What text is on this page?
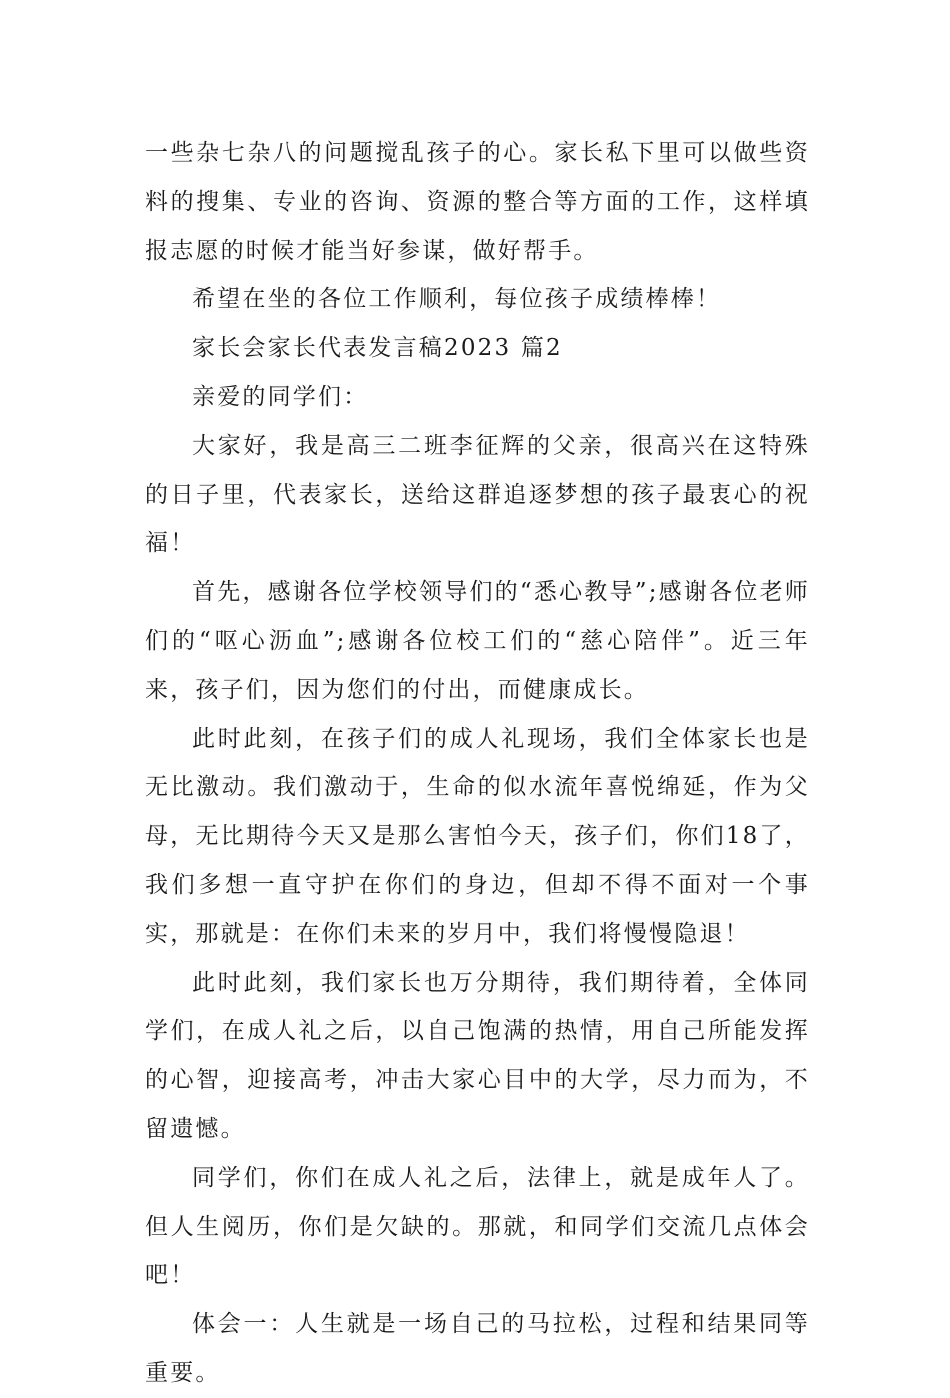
一些杂七杂八的问题搅乱孩子的心。家长私下里可以做些资料的搜集、专业的咨询、资源的整合等方面的工作，这样填报志愿的时候才能当好参谋，做好帮手。

希望在坐的各位工作顺利，每位孩子成绩棒棒！

家长会家长代表发言稿2023 篇2

亲爱的同学们：

大家好，我是高三二班李征辉的父亲，很高兴在这特殊的日子里，代表家长，送给这群追逐梦想的孩子最衷心的祝福！

首先，感谢各位学校领导们的“悉心教导”;感谢各位老师们的“呕心沥血”;感谢各位校工们的“慈心陪伴”。近三年来，孩子们，因为您们的付出，而健康成长。

此时此刻，在孩子们的成人礼现场，我们全体家长也是无比激动。我们激动于，生命的似水流年喜悦绵延，作为父母，无比期待今天又是那么害怕今天，孩子们，你们18了，我们多想一直守护在你们的身边，但却不得不面对一个事实，那就是：在你们未来的岁月中，我们将慢慢隐退！

此时此刻，我们家长也万分期待，我们期待着，全体同学们，在成人礼之后，以自己饱满的热情，用自己所能发挥的心智，迎接高考，冲击大家心目中的大学，尽力而为，不留遗憾。

同学们，你们在成人礼之后，法律上，就是成年人了。但人生阅历，你们是欠缺的。那就，和同学们交流几点体会吧！

体会一：人生就是一场自己的马拉松，过程和结果同等重要。
